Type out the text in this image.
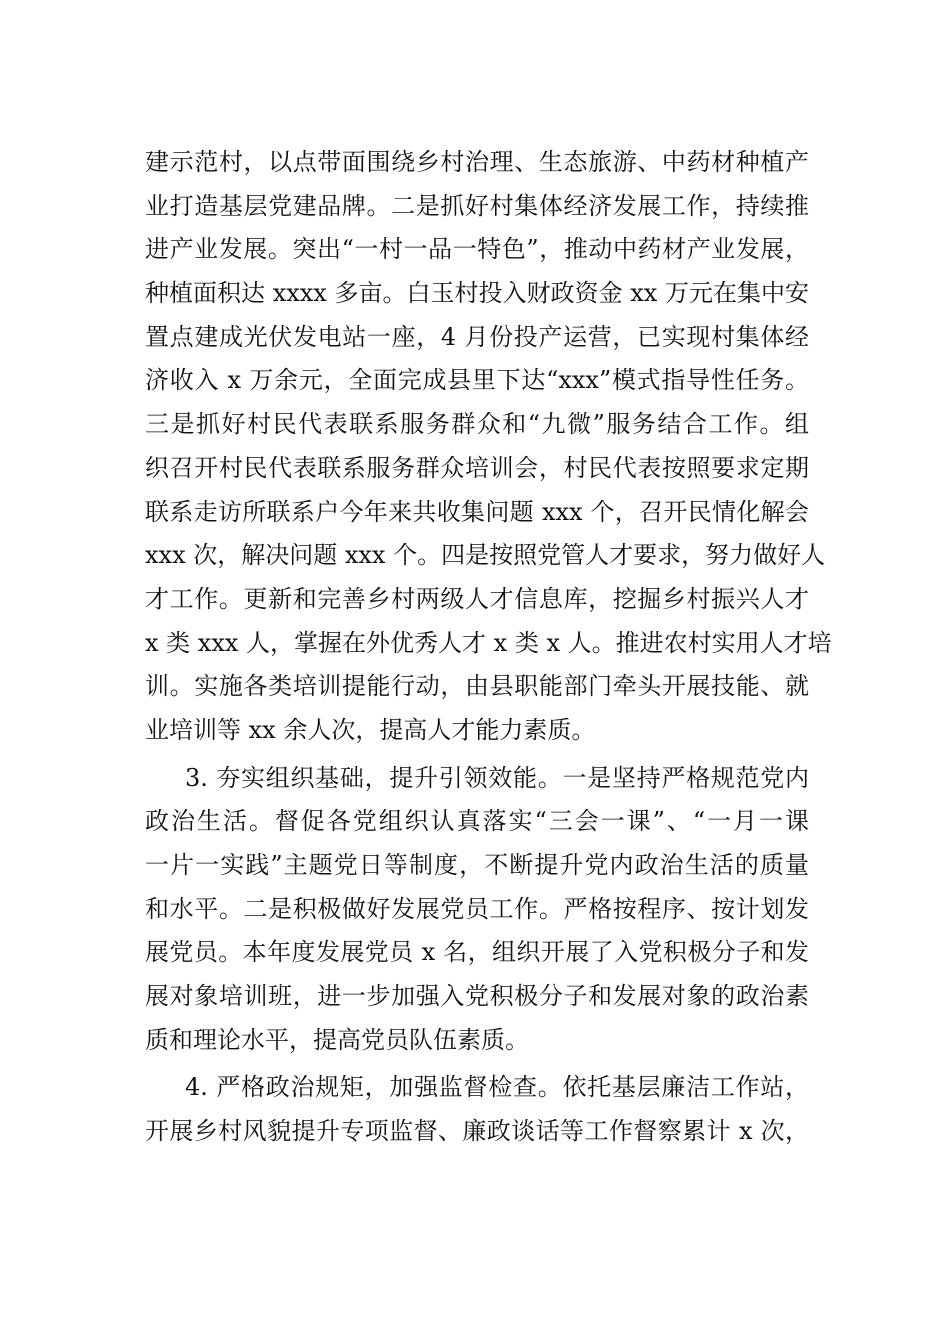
建示范村，以点带面围绕乡村治理、生态旅游、中药材种植产
业打造基层党建品牌。二是抓好村集体经济发展工作，持续推
进产业发展。突出“一村一品一特色”，推动中药材产业发展，
种植面积达 xxxx 多亩。白玉村投入财政资金 xx 万元在集中安
置点建成光伏发电站一座，4 月份投产运营，已实现村集体经
济收入 x 万余元，全面完成县里下达“xxx”模式指导性任务。
三是抓好村民代表联系服务群众和“九微”服务结合工作。组
织召开村民代表联系服务群众培训会，村民代表按照要求定期
联系走访所联系户今年来共收集问题 xxx 个，召开民情化解会
xxx 次，解决问题 xxx 个。四是按照党管人才要求，努力做好人
才工作。更新和完善乡村两级人才信息库，挖掘乡村振兴人才
x 类 xxx 人，掌握在外优秀人才 x 类 x 人。推进农村实用人才培
训。实施各类培训提能行动，由县职能部门牵头开展技能、就
业培训等 xx 余人次，提高人才能力素质。
3. 夯实组织基础，提升引领效能。一是坚持严格规范党内
政治生活。督促各党组织认真落实“三会一课”、“一月一课
一片一实践”主题党日等制度，不断提升党内政治生活的质量
和水平。二是积极做好发展党员工作。严格按程序、按计划发
展党员。本年度发展党员 x 名，组织开展了入党积极分子和发
展对象培训班，进一步加强入党积极分子和发展对象的政治素
质和理论水平，提高党员队伍素质。
4. 严格政治规矩，加强监督检查。依托基层廉洁工作站，
开展乡村风貌提升专项监督、廉政谈话等工作督察累计 x 次，
